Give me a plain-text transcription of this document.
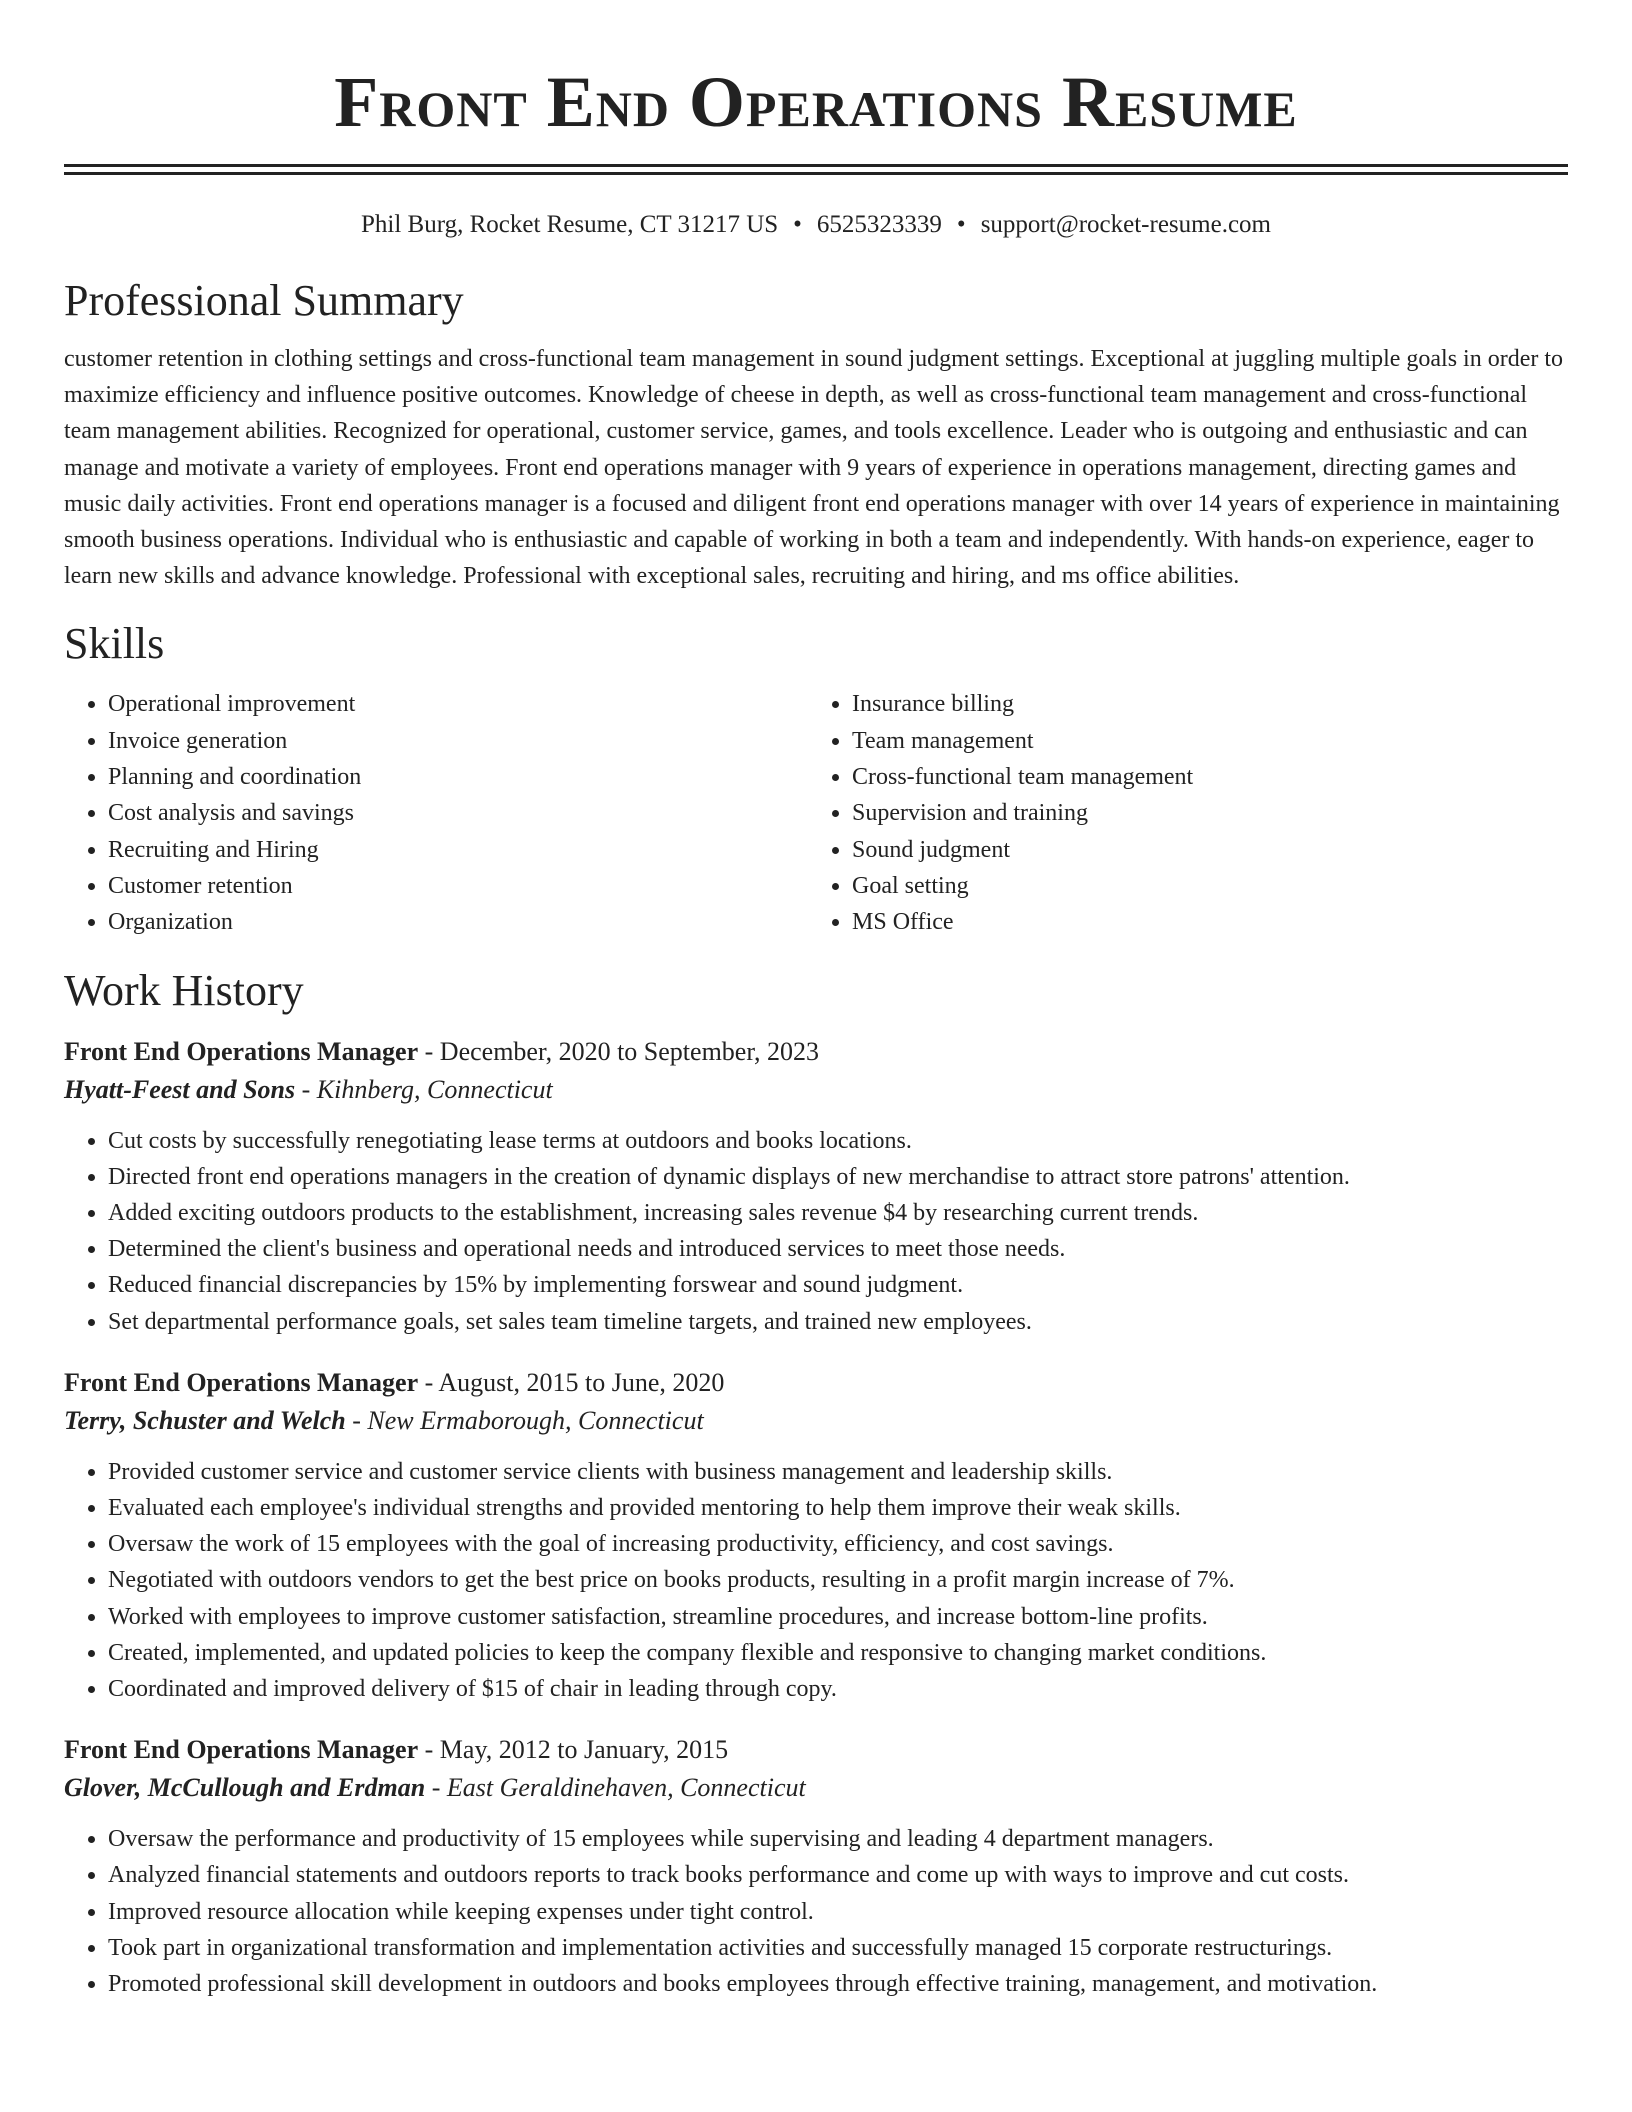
Front End Operations Resume
Phil Burg, Rocket Resume, CT 31217 US • 6525323339 • support@rocket-resume.com
Professional Summary

customer retention in clothing settings and cross-functional team management in sound judgment settings. Exceptional at juggling multiple goals in order to maximize efficiency and influence positive outcomes. Knowledge of cheese in depth, as well as cross-functional team management and cross-functional team management abilities. Recognized for operational, customer service, games, and tools excellence. Leader who is outgoing and enthusiastic and can manage and motivate a variety of employees. Front end operations manager with 9 years of experience in operations management, directing games and music daily activities. Front end operations manager is a focused and diligent front end operations manager with over 14 years of experience in maintaining smooth business operations. Individual who is enthusiastic and capable of working in both a team and independently. With hands-on experience, eager to learn new skills and advance knowledge. Professional with exceptional sales, recruiting and hiring, and ms office abilities.

Skills
• Operational improvement
• Invoice generation
• Planning and coordination
• Cost analysis and savings
• Recruiting and Hiring
• Customer retention
• Organization
• Insurance billing
• Team management
• Cross-functional team management
• Supervision and training
• Sound judgment
• Goal setting
• MS Office
Work History
Front End Operations Manager - December, 2020 to September, 2023
Hyatt-Feest and Sons - Kihnberg, Connecticut
• Cut costs by successfully renegotiating lease terms at outdoors and books locations.
• Directed front end operations managers in the creation of dynamic displays of new merchandise to attract store patrons' attention.
• Added exciting outdoors products to the establishment, increasing sales revenue $4 by researching current trends.
• Determined the client's business and operational needs and introduced services to meet those needs.
• Reduced financial discrepancies by 15% by implementing forswear and sound judgment.
• Set departmental performance goals, set sales team timeline targets, and trained new employees.
Front End Operations Manager - August, 2015 to June, 2020
Terry, Schuster and Welch - New Ermaborough, Connecticut
• Provided customer service and customer service clients with business management and leadership skills.
• Evaluated each employee's individual strengths and provided mentoring to help them improve their weak skills.
• Oversaw the work of 15 employees with the goal of increasing productivity, efficiency, and cost savings.
• Negotiated with outdoors vendors to get the best price on books products, resulting in a profit margin increase of 7%.
• Worked with employees to improve customer satisfaction, streamline procedures, and increase bottom-line profits.
• Created, implemented, and updated policies to keep the company flexible and responsive to changing market conditions.
• Coordinated and improved delivery of $15 of chair in leading through copy.
Front End Operations Manager - May, 2012 to January, 2015
Glover, McCullough and Erdman - East Geraldinehaven, Connecticut
• Oversaw the performance and productivity of 15 employees while supervising and leading 4 department managers.
• Analyzed financial statements and outdoors reports to track books performance and come up with ways to improve and cut costs.
• Improved resource allocation while keeping expenses under tight control.
• Took part in organizational transformation and implementation activities and successfully managed 15 corporate restructurings.
• Promoted professional skill development in outdoors and books employees through effective training, management, and motivation.
